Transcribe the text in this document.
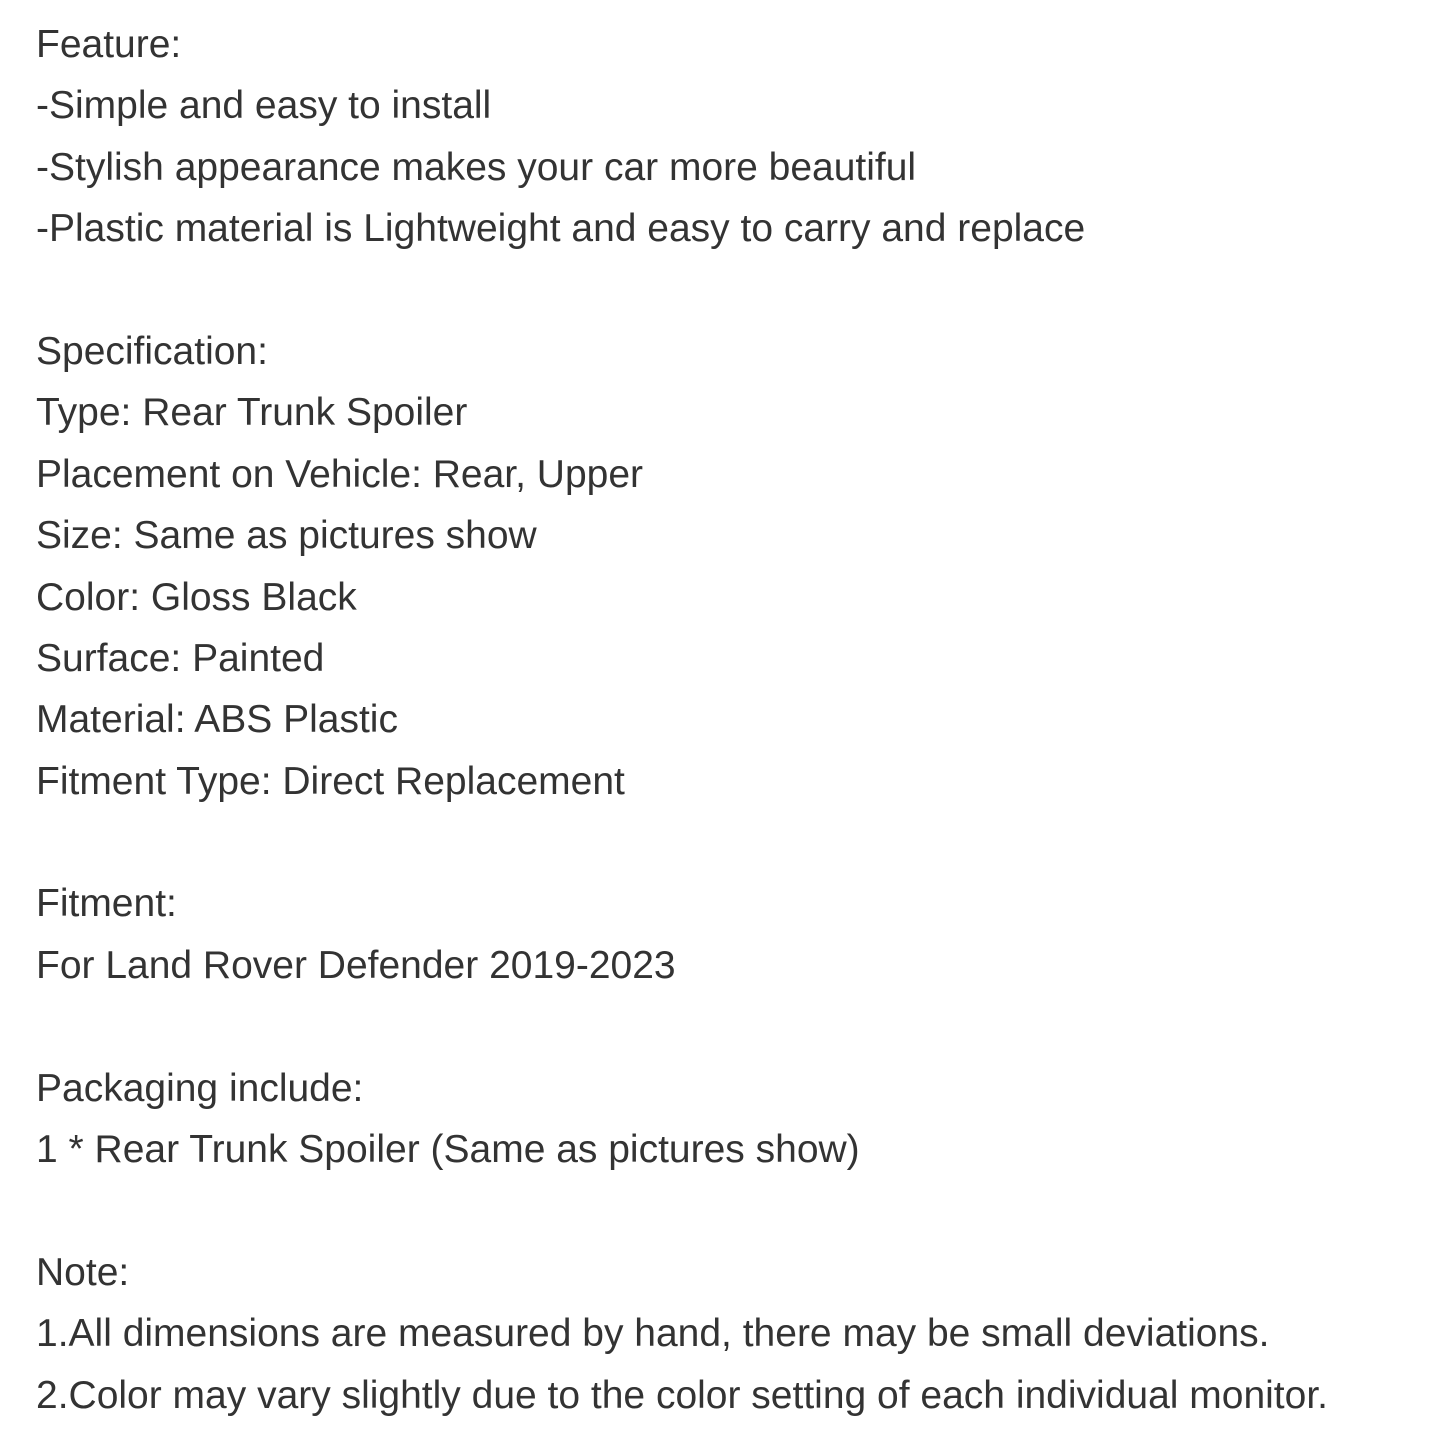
Feature:

-Simple and easy to install

-Stylish appearance makes your car more beautiful

-Plastic material is Lightweight and easy to carry and replace

Specification:

Type: Rear Trunk Spoiler

Placement on Vehicle: Rear, Upper

Size: Same as pictures show

Color: Gloss Black

Surface: Painted

Material: ABS Plastic

Fitment Type: Direct Replacement

Fitment:

For Land Rover Defender 2019-2023

Packaging include:

1 * Rear Trunk Spoiler (Same as pictures show)

Note:

1.All dimensions are measured by hand, there may be small deviations.

2.Color may vary slightly due to the color setting of each individual monitor.
